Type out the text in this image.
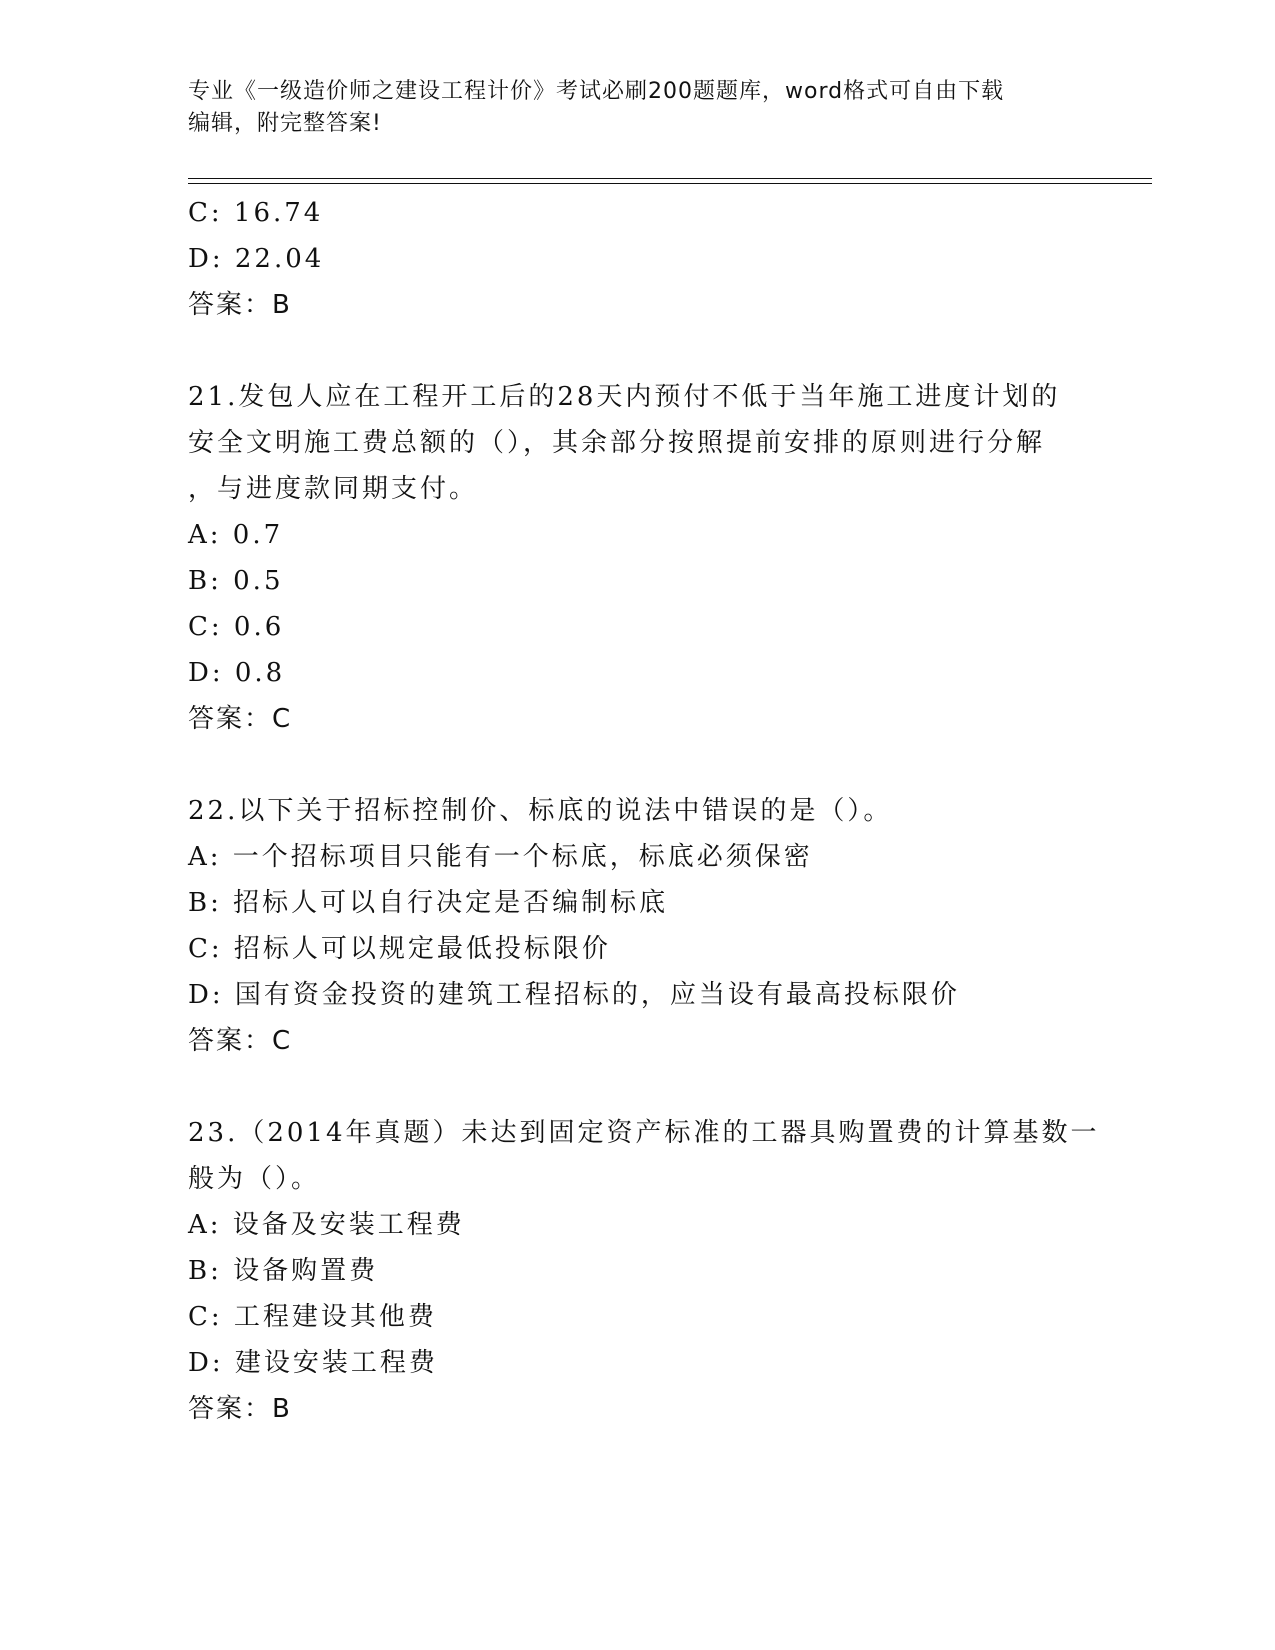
专业《一级造价师之建设工程计价》考试必刷200题题库，word格式可自由下载
编辑，附完整答案!
C: 16.74
D: 22.04
答案：B
21.发包人应在工程开工后的28天内预付不低于当年施工进度计划的
安全文明施工费总额的（），其余部分按照提前安排的原则进行分解
，与进度款同期支付。
A: 0.7
B: 0.5
C: 0.6
D: 0.8
答案：C
22.以下关于招标控制价、标底的说法中错误的是（）。
A: 一个招标项目只能有一个标底，标底必须保密
B: 招标人可以自行决定是否编制标底
C: 招标人可以规定最低投标限价
D: 国有资金投资的建筑工程招标的，应当设有最高投标限价
答案：C
23.（2014年真题）未达到固定资产标准的工器具购置费的计算基数一
般为（）。
A: 设备及安装工程费
B: 设备购置费
C: 工程建设其他费
D: 建设安装工程费
答案：B
